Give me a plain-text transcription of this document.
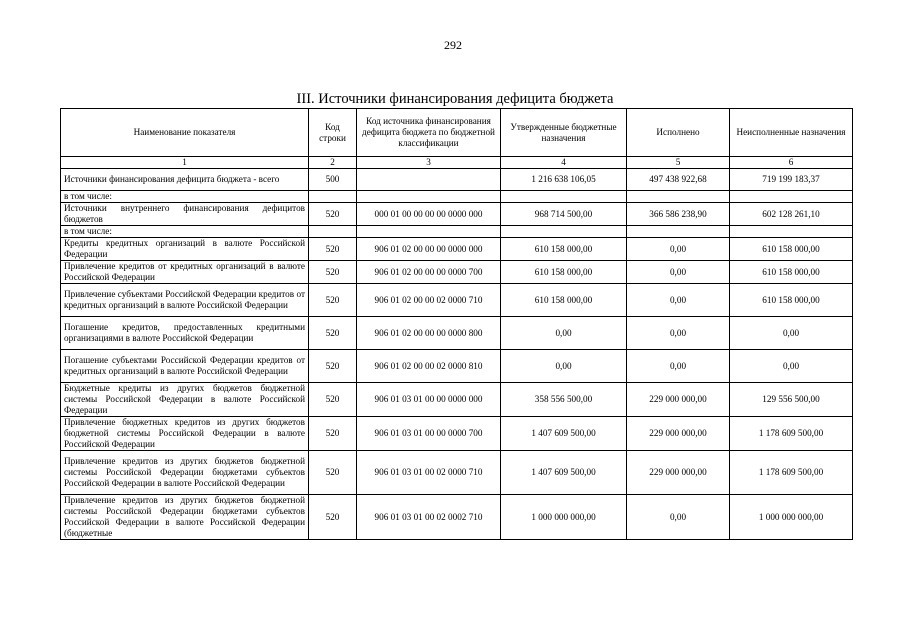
292
III. Источники финансирования дефицита бюджета
Наименование показателя	Код строки	Код источника финансирования дефицита бюджета по бюджетной классификации	Утвержденные бюджетные назначения	Исполнено	Неисполненные назначения
1	2	3	4	5	6
Источники финансирования дефицита бюджета - всего	500		1 216 638 106,05	497 438 922,68	719 199 183,37
в том числе:					
Источники внутреннего финансирования дефицитов бюджетов	520	000 01 00 00 00 00 0000 000	968 714 500,00	366 586 238,90	602 128 261,10
в том числе:					
Кредиты кредитных организаций в валюте Российской Федерации	520	906 01 02 00 00 00 0000 000	610 158 000,00	0,00	610 158 000,00
Привлечение кредитов от кредитных организаций в валюте Российской Федерации	520	906 01 02 00 00 00 0000 700	610 158 000,00	0,00	610 158 000,00
Привлечение субъектами Российской Федерации кредитов от кредитных организаций в валюте Российской Федерации	520	906 01 02 00 00 02 0000 710	610 158 000,00	0,00	610 158 000,00
Погашение кредитов, предоставленных кредитными организациями в валюте Российской Федерации	520	906 01 02 00 00 00 0000 800	0,00	0,00	0,00
Погашение субъектами Российской Федерации кредитов от кредитных организаций в валюте Российской Федерации	520	906 01 02 00 00 02 0000 810	0,00	0,00	0,00
Бюджетные кредиты из других бюджетов бюджетной системы Российской Федерации в валюте Российской Федерации	520	906 01 03 01 00 00 0000 000	358 556 500,00	229 000 000,00	129 556 500,00
Привлечение бюджетных кредитов из других бюджетов бюджетной системы Российской Федерации в валюте Российской Федерации	520	906 01 03 01 00 00 0000 700	1 407 609 500,00	229 000 000,00	1 178 609 500,00
Привлечение кредитов из других бюджетов бюджетной системы Российской Федерации бюджетами субъектов Российской Федерации в валюте Российской Федерации	520	906 01 03 01 00 02 0000 710	1 407 609 500,00	229 000 000,00	1 178 609 500,00
Привлечение кредитов из других бюджетов бюджетной системы Российской Федерации бюджетами субъектов Российской Федерации в валюте Российской Федерации (бюджетные	520	906 01 03 01 00 02 0002 710	1 000 000 000,00	0,00	1 000 000 000,00
